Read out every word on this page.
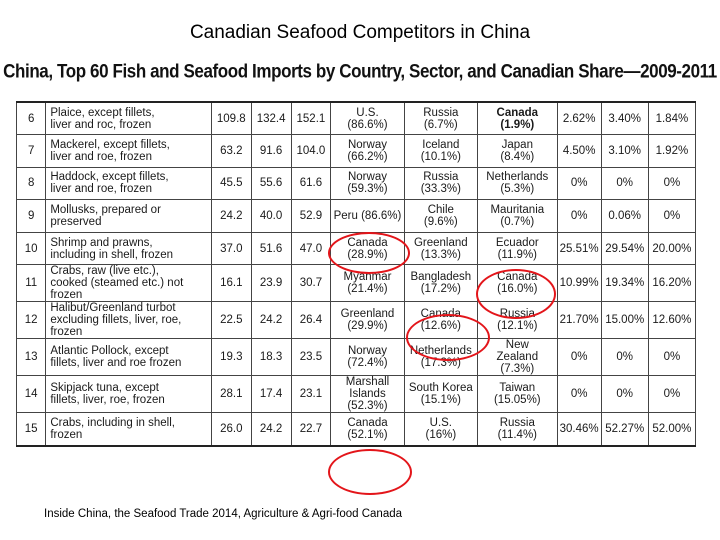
Canadian Seafood Competitors in China
China, Top 60 Fish and Seafood Imports by Country, Sector, and Canadian Share—2009-2011
6	Plaice, except fillets,
liver and roc, frozen	109.8	132.4	152.1	U.S.
(86.6%)	Russia
(6.7%)	Canada
(1.9%)	2.62%	3.40%	1.84%
7	Mackerel, except fillets,
liver and roe, frozen	63.2	91.6	104.0	Norway
(66.2%)	Iceland
(10.1%)	Japan
(8.4%)	4.50%	3.10%	1.92%
8	Haddock, except fillets,
liver and roe, frozen	45.5	55.6	61.6	Norway
(59.3%)	Russia
(33.3%)	Netherlands
(5.3%)	0%	0%	0%
9	Mollusks, prepared or
preserved	24.2	40.0	52.9	Peru (86.6%)	Chile
(9.6%)	Mauritania
(0.7%)	0%	0.06%	0%
10	Shrimp and prawns,
including in shell, frozen	37.0	51.6	47.0	Canada
(28.9%)	Greenland
(13.3%)	Ecuador
(11.9%)	25.51%	29.54%	20.00%
11	Crabs, raw (live etc.),
cooked (steamed etc.) not
frozen	16.1	23.9	30.7	Myanmar
(21.4%)	Bangladesh
(17.2%)	Canada
(16.0%)	10.99%	19.34%	16.20%
12	Halibut/Greenland turbot
excluding fillets, liver, roe,
frozen	22.5	24.2	26.4	Greenland
(29.9%)	Canada
(12.6%)	Russia
(12.1%)	21.70%	15.00%	12.60%
13	Atlantic Pollock, except
fillets, liver and roe frozen	19.3	18.3	23.5	Norway
(72.4%)	Netherlands
(17.3%)	New
Zealand
(7.3%)	0%	0%	0%
14	Skipjack tuna, except
fillets, liver, roe, frozen	28.1	17.4	23.1	Marshall
Islands
(52.3%)	South Korea
(15.1%)	Taiwan
(15.05%)	0%	0%	0%
15	Crabs, including in shell,
frozen	26.0	24.2	22.7	Canada
(52.1%)	U.S.
(16%)	Russia
(11.4%)	30.46%	52.27%	52.00%
Inside China, the Seafood Trade 2014, Agriculture & Agri-food Canada
